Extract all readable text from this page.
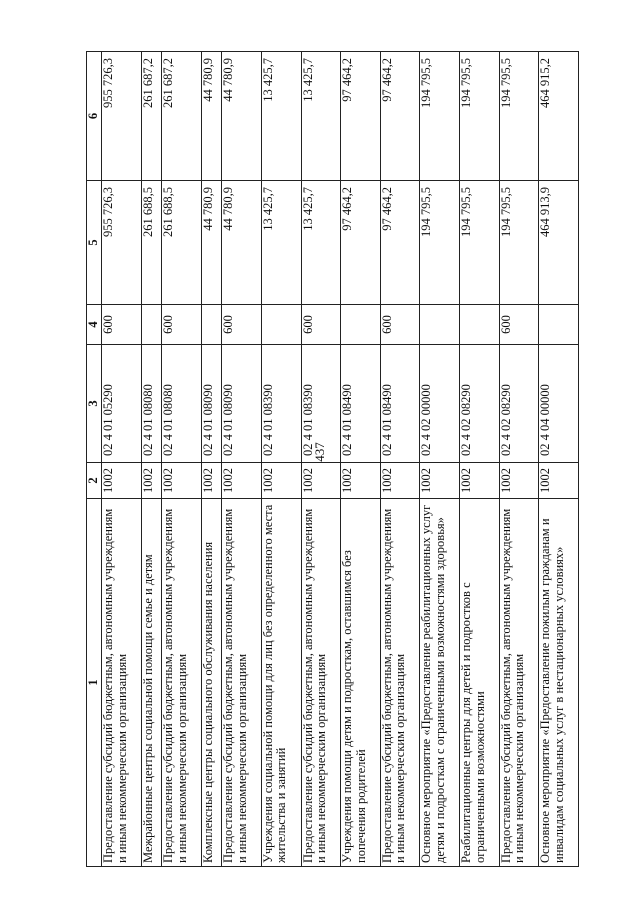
437
1	2	3	4	5	6
Предоставление субсидий бюджетным, автономным учреждениям и иным некоммерческим организациям	1002	02 4 01 05290	600	955 726,3	955 726,3
Межрайонные центры социальной помощи семье и детям	1002	02 4 01 08080		261 688,5	261 687,2
Предоставление субсидий бюджетным, автономным учреждениям и иным некоммерческим организациям	1002	02 4 01 08080	600	261 688,5	261 687,2
Комплексные центры социального обслуживания населения	1002	02 4 01 08090		44 780,9	44 780,9
Предоставление субсидий бюджетным, автономным учреждениям и иным некоммерческим организациям	1002	02 4 01 08090	600	44 780,9	44 780,9
Учреждения социальной помощи для лиц без определенного места жительства и занятий	1002	02 4 01 08390		13 425,7	13 425,7
Предоставление субсидий бюджетным, автономным учреждениям и иным некоммерческим организациям	1002	02 4 01 08390	600	13 425,7	13 425,7
Учреждения помощи детям и подросткам, оставшимся без попечения родителей	1002	02 4 01 08490		97 464,2	97 464,2
Предоставление субсидий бюджетным, автономным учреждениям и иным некоммерческим организациям	1002	02 4 01 08490	600	97 464,2	97 464,2
Основное мероприятие «Предоставление реабилитационных услуг детям и подросткам с ограниченными возможностями здоровья»	1002	02 4 02 00000		194 795,5	194 795,5
Реабилитационные центры для детей и подростков с ограниченными возможностями	1002	02 4 02 08290		194 795,5	194 795,5
Предоставление субсидий бюджетным, автономным учреждениям и иным некоммерческим организациям	1002	02 4 02 08290	600	194 795,5	194 795,5
Основное мероприятие «Предоставление пожилым гражданам и инвалидам социальных услуг в нестационарных условиях»	1002	02 4 04 00000		464 913,9	464 915,2
